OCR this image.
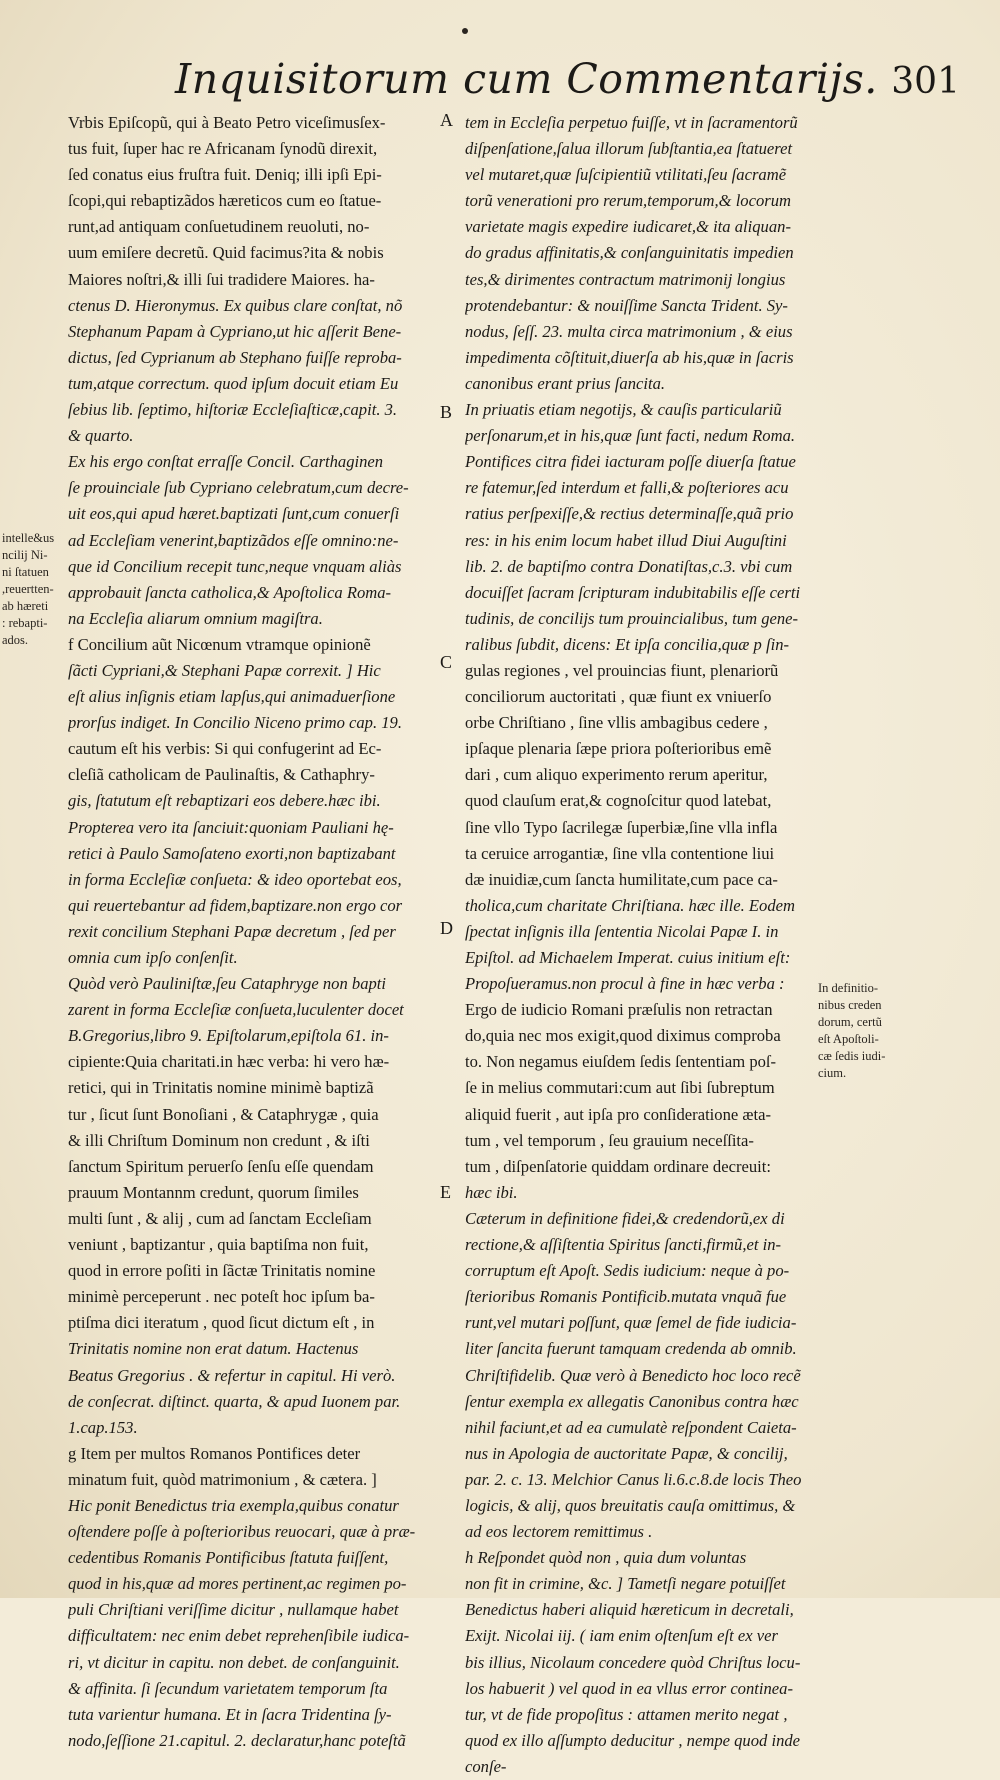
Inquisitorum cum Commentarijs. 301
Vrbis Epiſcopũ, qui à Beato Petro viceſimusſex-
tus fuit, ſuper hac re Africanam ſynodũ direxit,
ſed conatus eius fruſtra fuit. Deniq; illi ipſi Epi-
ſcopi,qui rebaptizãdos hæreticos cum eo ſtatue-
runt,ad antiquam conſuetudinem reuoluti, no-
uum emiſere decretũ. Quid facimus?ita & nobis
Maiores noſtri,& illi ſui tradidere Maiores. ha-
ctenus D. Hieronymus. Ex quibus clare conſtat, nõ
Stephanum Papam à Cypriano,ut hic aſſerit Bene-
dictus, ſed Cyprianum ab Stephano fuiſſe reproba-
tum,atque correctum. quod ipſum docuit etiam Eu
ſebius lib. ſeptimo, hiſtoriæ Eccleſiaſticæ,capit. 3.
& quarto.
Ex his ergo conſtat erraſſe Concil. Carthaginen
ſe prouinciale ſub Cypriano celebratum,cum decre-
uit eos,qui apud hæret.baptizati ſunt,cum conuerſi
ad Eccleſiam venerint,baptizãdos eſſe omnino:ne-
que id Concilium recepit tunc,neque vnquam aliàs
approbauit ſancta catholica,& Apoſtolica Roma-
na Eccleſia aliarum omnium magiſtra.
f Concilium aũt Nicœnum vtramque opinionẽ
ſãcti Cypriani,& Stephani Papæ correxit. ] Hic
eſt alius inſignis etiam lapſus,qui animaduerſione
prorſus indiget. In Concilio Niceno primo cap. 19.
cautum eſt his verbis: Si qui confugerint ad Ec-
cleſiã catholicam de Paulinaſtis, & Cathaphry-
gis, ſtatutum eſt rebaptizari eos debere.hæc ibi.
Propterea vero ita ſanciuit:quoniam Pauliani hę-
retici à Paulo Samoſateno exorti,non baptizabant
in forma Eccleſiæ conſueta: & ideo oportebat eos,
qui reuertebantur ad fidem,baptizare.non ergo cor
rexit concilium Stephani Papæ decretum , ſed per
omnia cum ipſo conſenſit.
Quòd verò Pauliniſtæ,ſeu Cataphryge non bapti
zarent in forma Eccleſiæ conſueta,luculenter docet
B.Gregorius,libro 9. Epiſtolarum,epiſtola 61. in-
cipiente:Quia charitati.in hæc verba: hi vero hæ-
retici, qui in Trinitatis nomine minimè baptizã
tur , ſicut ſunt Bonoſiani , & Cataphrygæ , quia
& illi Chriſtum Dominum non credunt , & iſti
ſanctum Spiritum peruerſo ſenſu eſſe quendam
prauum Montannm credunt, quorum ſimiles
multi ſunt , & alij , cum ad ſanctam Eccleſiam
veniunt , baptizantur , quia baptiſma non fuit,
quod in errore poſiti in ſãctæ Trinitatis nomine
minimè perceperunt . nec poteſt hoc ipſum ba-
ptiſma dici iteratum , quod ſicut dictum eſt , in
Trinitatis nomine non erat datum. Hactenus
Beatus Gregorius . & refertur in capitul. Hi verò.
de conſecrat. diſtinct. quarta, & apud Iuonem par.
1.cap.153.
g Item per multos Romanos Pontifices deter
minatum fuit, quòd matrimonium , & cætera. ]
Hic ponit Benedictus tria exempla,quibus conatur
oſtendere poſſe à poſterioribus reuocari, quæ à præ-
cedentibus Romanis Pontificibus ſtatuta fuiſſent,
quod in his,quæ ad mores pertinent,ac regimen po-
puli Chriſtiani veriſſime dicitur , nullamque habet
difficultatem: nec enim debet reprehenſibile iudica-
ri, vt dicitur in capitu. non debet. de conſanguinit.
& affinita. ſi ſecundum varietatem temporum ſta
tuta varientur humana. Et in ſacra Tridentina ſy-
nodo,ſeſſione 21.capitul. 2. declaratur,hanc poteſtã
tem in Eccleſia perpetuo fuiſſe, vt in ſacramentorũ
diſpenſatione,ſalua illorum ſubſtantia,ea ſtatueret
vel mutaret,quæ ſuſcipientiũ vtilitati,ſeu ſacramẽ
torũ venerationi pro rerum,temporum,& locorum
varietate magis expedire iudicaret,& ita aliquan-
do gradus affinitatis,& conſanguinitatis impedien
tes,& dirimentes contractum matrimonij longius
protendebantur: & nouiſſime Sancta Trident. Sy-
nodus, ſeſſ. 23. multa circa matrimonium , & eius
impedimenta cõſtituit,diuerſa ab his,quæ in ſacris
canonibus erant prius ſancita.
In priuatis etiam negotijs, & cauſis particulariũ
perſonarum,et in his,quæ ſunt facti, nedum Roma.
Pontifices citra fidei iacturam poſſe diuerſa ſtatue
re fatemur,ſed interdum et falli,& poſteriores acu
ratius perſpexiſſe,& rectius determinaſſe,quã prio
res: in his enim locum habet illud Diui Auguſtini
lib. 2. de baptiſmo contra Donatiſtas,c.3. vbi cum
docuiſſet ſacram ſcripturam indubitabilis eſſe certi
tudinis, de concilijs tum prouincialibus, tum gene-
ralibus ſubdit, dicens: Et ipſa concilia,quæ p ſin-
gulas regiones , vel prouincias fiunt, plenariorũ
conciliorum auctoritati , quæ fiunt ex vniuerſo
orbe Chriſtiano , ſine vllis ambagibus cedere ,
ipſaque plenaria ſæpe priora poſterioribus emẽ
dari , cum aliquo experimento rerum aperitur,
quod clauſum erat,& cognoſcitur quod latebat,
ſine vllo Typo ſacrilegæ ſuperbiæ,ſine vlla infla
ta ceruice arrogantiæ, ſine vlla contentione liui
dæ inuidiæ,cum ſancta humilitate,cum pace ca-
tholica,cum charitate Chriſtiana. hæc ille. Eodem
ſpectat inſignis illa ſententia Nicolai Papæ I. in
Epiſtol. ad Michaelem Imperat. cuius initium eſt:
Propoſueramus.non procul à fine in hæc verba :
Ergo de iudicio Romani præſulis non retractan
do,quia nec mos exigit,quod diximus comproba
to. Non negamus eiuſdem ſedis ſententiam poſ-
ſe in melius commutari:cum aut ſibi ſubreptum
aliquid fuerit , aut ipſa pro conſideratione æta-
tum , vel temporum , ſeu grauium neceſſita-
tum , diſpenſatorie quiddam ordinare decreuit:
hæc ibi.
Cæterum in definitione fidei,& credendorũ,ex di
rectione,& aſſiſtentia Spiritus ſancti,firmũ,et in-
corruptum eſt Apoſt. Sedis iudicium: neque à po-
ſterioribus Romanis Pontificib.mutata vnquã fue
runt,vel mutari poſſunt, quæ ſemel de fide iudicia-
liter ſancita fuerunt tamquam credenda ab omnib.
Chriſtifidelib. Quæ verò à Benedicto hoc loco recẽ
ſentur exempla ex allegatis Canonibus contra hæc
nihil faciunt,et ad ea cumulatè reſpondent Caieta-
nus in Apologia de auctoritate Papæ, & concilij,
par. 2. c. 13. Melchior Canus li.6.c.8.de locis Theo
logicis, & alij, quos breuitatis cauſa omittimus, &
ad eos lectorem remittimus .
h Reſpondet quòd non , quia dum voluntas
non fit in crimine, &c. ] Tametſi negare potuiſſet
Benedictus haberi aliquid hæreticum in decretali,
Exijt. Nicolai iij. ( iam enim oſtenſum eſt ex ver
bis illius, Nicolaum concedere quòd Chriſtus locu-
los habuerit ) vel quod in ea vllus error continea-
tur, vt de fide propoſitus : attamen merito negat ,
quod ex illo aſſumpto deducitur , nempe quod inde
conſe-
A
B
C
D
E
intelle&us
ncilij Ni-
ni ſtatuen
,reuertten-
ab hæreti
: rebapti-
ados.
In definitio-
nibus creden
dorum, certũ
eſt Apoſtoli-
cæ ſedis iudi-
cium.
